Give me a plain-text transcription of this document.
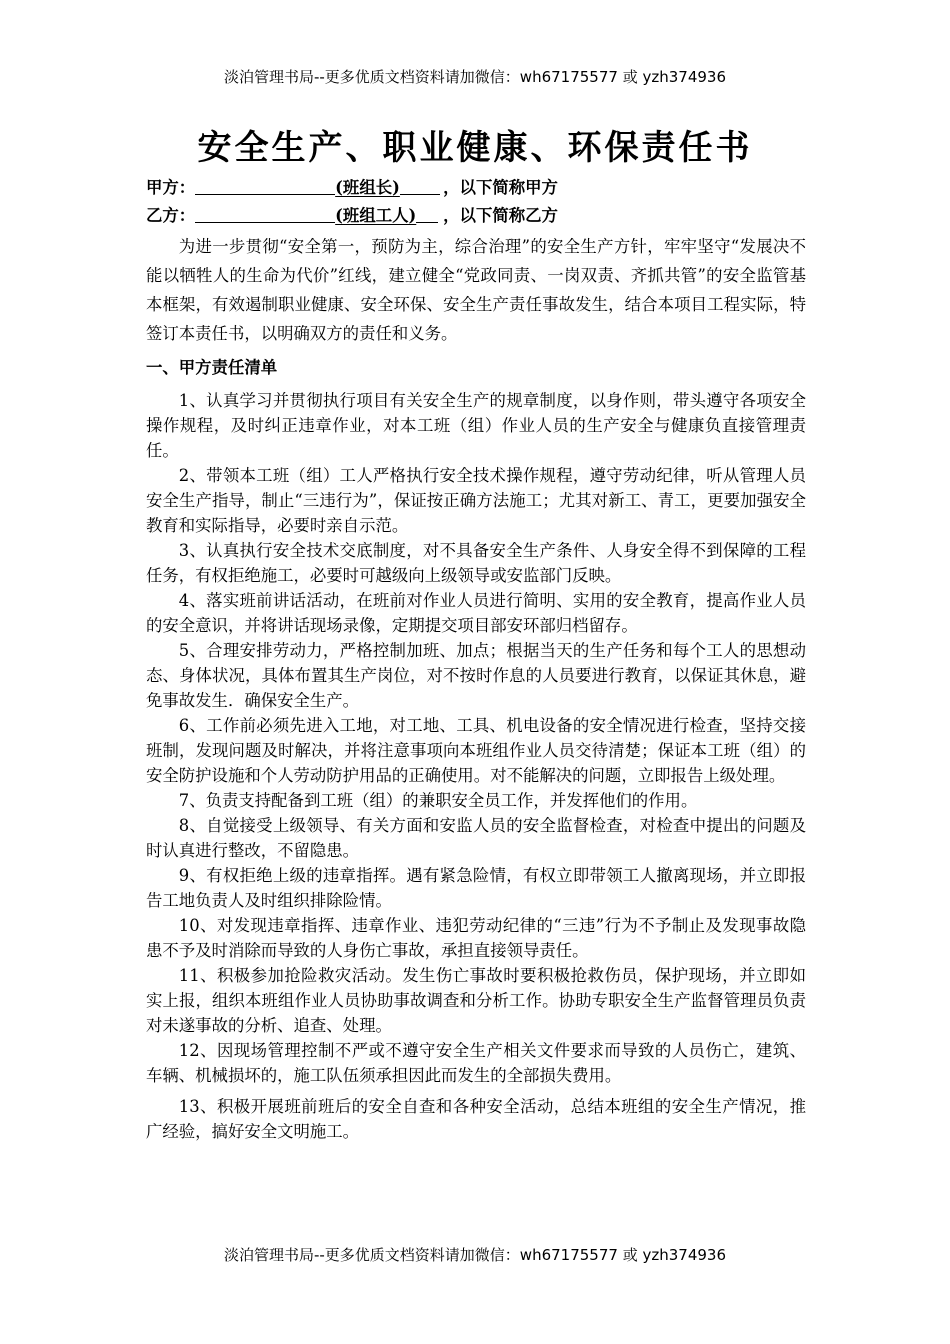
淡泊管理书局--更多优质文档资料请加微信：wh67175577 或 yzh374936
安全生产、职业健康、环保责任书
甲方：	(班组长)	，以下简称甲方
乙方：	(班组工人) ，以下简称乙方

为进一步贯彻“安全第一，预防为主，综合治理”的安全生产方针，牢牢坚守“发展决不能以牺牲人的生命为代价”红线，建立健全“党政同责、一岗双责、齐抓共管”的安全监管基本框架，有效遏制职业健康、安全环保、安全生产责任事故发生，结合本项目工程实际，特签订本责任书，以明确双方的责任和义务。

一、甲方责任清单

1、认真学习并贯彻执行项目有关安全生产的规章制度，以身作则，带头遵守各项安全操作规程，及时纠正违章作业，对本工班（组）作业人员的生产安全与健康负直接管理责任。

2、带领本工班（组）工人严格执行安全技术操作规程，遵守劳动纪律，听从管理人员安全生产指导，制止“三违行为”，保证按正确方法施工；尤其对新工、青工，更要加强安全教育和实际指导，必要时亲自示范。

3、认真执行安全技术交底制度，对不具备安全生产条件、人身安全得不到保障的工程任务，有权拒绝施工，必要时可越级向上级领导或安监部门反映。

4、落实班前讲话活动，在班前对作业人员进行简明、实用的安全教育，提高作业人员的安全意识，并将讲话现场录像，定期提交项目部安环部归档留存。

5、合理安排劳动力，严格控制加班、加点；根据当天的生产任务和每个工人的思想动态、身体状况，具体布置其生产岗位，对不按时作息的人员要进行教育，以保证其休息，避免事故发生．确保安全生产。

6、工作前必须先进入工地，对工地、工具、机电设备的安全情况进行检查，坚持交接班制，发现问题及时解决，并将注意事项向本班组作业人员交待清楚；保证本工班（组）的安全防护设施和个人劳动防护用品的正确使用。对不能解决的问题，立即报告上级处理。

7、负责支持配备到工班（组）的兼职安全员工作，并发挥他们的作用。

8、自觉接受上级领导、有关方面和安监人员的安全监督检查，对检查中提出的问题及时认真进行整改，不留隐患。

9、有权拒绝上级的违章指挥。遇有紧急险情，有权立即带领工人撤离现场，并立即报告工地负责人及时组织排除险情。

10、对发现违章指挥、违章作业、违犯劳动纪律的“三违”行为不予制止及发现事故隐患不予及时消除而导致的人身伤亡事故，承担直接领导责任。

11、积极参加抢险救灾活动。发生伤亡事故时要积极抢救伤员，保护现场，并立即如实上报，组织本班组作业人员协助事故调查和分析工作。协助专职安全生产监督管理员负责对未遂事故的分析、追查、处理。

12、因现场管理控制不严或不遵守安全生产相关文件要求而导致的人员伤亡，建筑、车辆、机械损坏的，施工队伍须承担因此而发生的全部损失费用。

13、积极开展班前班后的安全自查和各种安全活动，总结本班组的安全生产情况，推广经验，搞好安全文明施工。

淡泊管理书局--更多优质文档资料请加微信：wh67175577 或 yzh374936
